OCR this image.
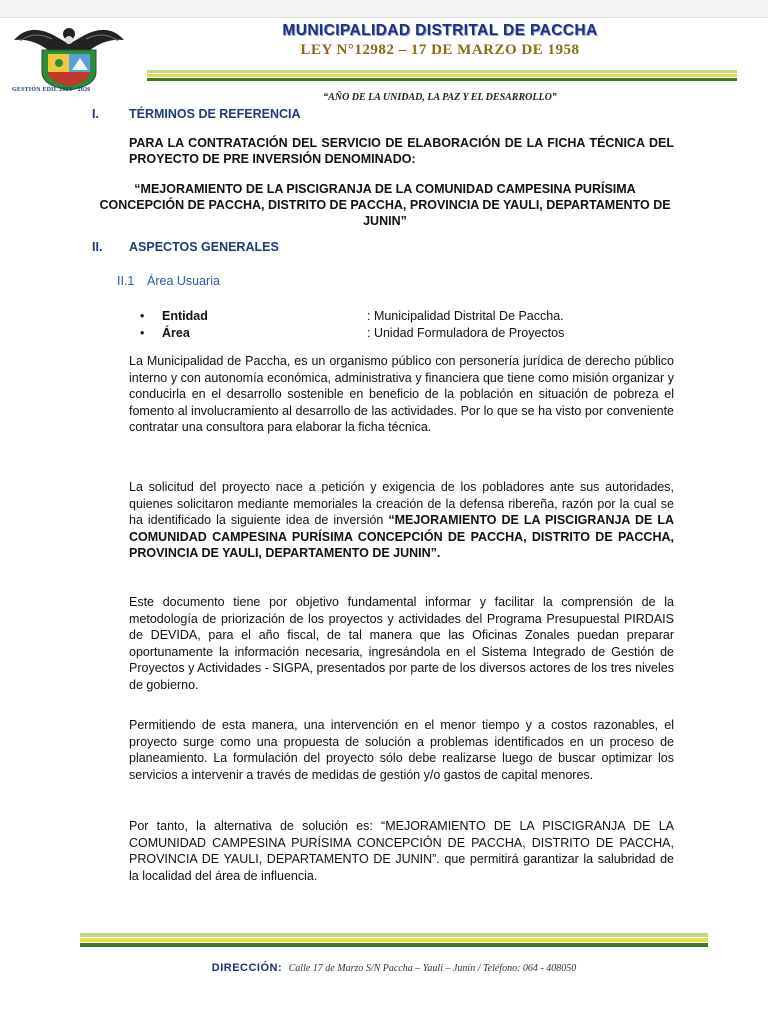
GESTIÓN EDIL 2023 - 2026
MUNICIPALIDAD DISTRITAL DE PACCHA
LEY N°12982 – 17 DE MARZO DE 1958
“AÑO DE LA UNIDAD, LA PAZ Y EL DESARROLLO”
I. TÉRMINOS DE REFERENCIA
PARA LA CONTRATACIÓN DEL SERVICIO DE ELABORACIÓN DE LA FICHA TÉCNICA DEL PROYECTO DE PRE INVERSIÓN DENOMINADO:
“MEJORAMIENTO DE LA PISCIGRANJA DE LA COMUNIDAD CAMPESINA PURÍSIMA CONCEPCIÓN DE PACCHA, DISTRITO DE PACCHA, PROVINCIA DE YAULI, DEPARTAMENTO DE JUNIN”
II. ASPECTOS GENERALES
II.1 Área Usuaria
•	Entidad	: Municipalidad Distrital De Paccha.
•	Área	: Unidad Formuladora de Proyectos
La Municipalidad de Paccha, es un organismo público con personería jurídica de derecho público interno y con autonomía económica, administrativa y financiera que tiene como misión organizar y conducirla en el desarrollo sostenible en beneficio de la población en situación de pobreza el fomento al involucramiento al desarrollo de las actividades. Por lo que se ha visto por conveniente contratar una consultora para elaborar la ficha técnica.
La solicitud del proyecto nace a petición y exigencia de los pobladores ante sus autoridades, quienes solicitaron mediante memoriales la creación de la defensa ribereña, razón por la cual se ha identificado la siguiente idea de inversión “MEJORAMIENTO DE LA PISCIGRANJA DE LA COMUNIDAD CAMPESINA PURÍSIMA CONCEPCIÓN DE PACCHA, DISTRITO DE PACCHA, PROVINCIA DE YAULI, DEPARTAMENTO DE JUNIN”.
Este documento tiene por objetivo fundamental informar y facilitar la comprensión de la metodología de priorización de los proyectos y actividades del Programa Presupuestal PIRDAIS de DEVIDA, para el año fiscal, de tal manera que las Oficinas Zonales puedan preparar oportunamente la información necesaria, ingresándola en el Sistema Integrado de Gestión de Proyectos y Actividades - SIGPA, presentados por parte de los diversos actores de los tres niveles de gobierno.
Permitiendo de esta manera, una intervención en el menor tiempo y a costos razonables, el proyecto surge como una propuesta de solución a problemas identificados en un proceso de planeamiento. La formulación del proyecto sólo debe realizarse luego de buscar optimizar los servicios a intervenir a través de medidas de gestión y/o gastos de capital menores.
Por tanto, la alternativa de solución es: “MEJORAMIENTO DE LA PISCIGRANJA DE LA COMUNIDAD CAMPESINA PURÍSIMA CONCEPCIÓN DE PACCHA, DISTRITO DE PACCHA, PROVINCIA DE YAULI, DEPARTAMENTO DE JUNIN”. que permitirá garantizar la salubridad de la localidad del área de influencia.
DIRECCIÓN: Calle 17 de Marzo S/N Paccha – Yauli – Junín / Teléfono: 064 - 408050
